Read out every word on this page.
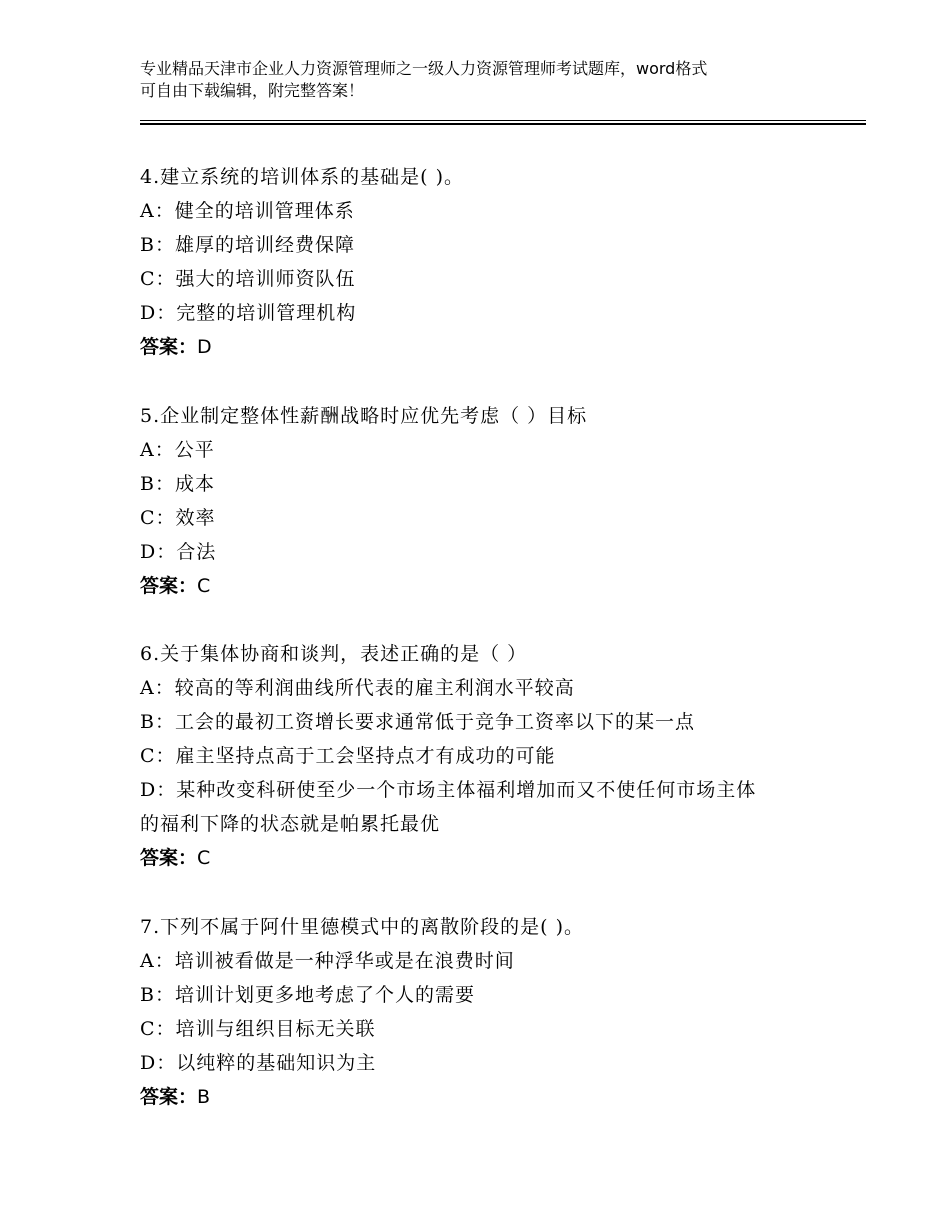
专业精品天津市企业人力资源管理师之一级人力资源管理师考试题库，word格式
可自由下载编辑，附完整答案！
4.建立系统的培训体系的基础是( )。
A：健全的培训管理体系
B：雄厚的培训经费保障
C：强大的培训师资队伍
D：完整的培训管理机构
答案：D
5.企业制定整体性薪酬战略时应优先考虑（ ）目标
A：公平
B：成本
C：效率
D：合法
答案：C
6.关于集体协商和谈判，表述正确的是（ ）
A：较高的等利润曲线所代表的雇主利润水平较高
B：工会的最初工资增长要求通常低于竞争工资率以下的某一点
C：雇主坚持点高于工会坚持点才有成功的可能
D：某种改变科研使至少一个市场主体福利增加而又不使任何市场主体
的福利下降的状态就是帕累托最优
答案：C
7.下列不属于阿什里德模式中的离散阶段的是( )。
A：培训被看做是一种浮华或是在浪费时间
B：培训计划更多地考虑了个人的需要
C：培训与组织目标无关联
D：以纯粹的基础知识为主
答案：B
